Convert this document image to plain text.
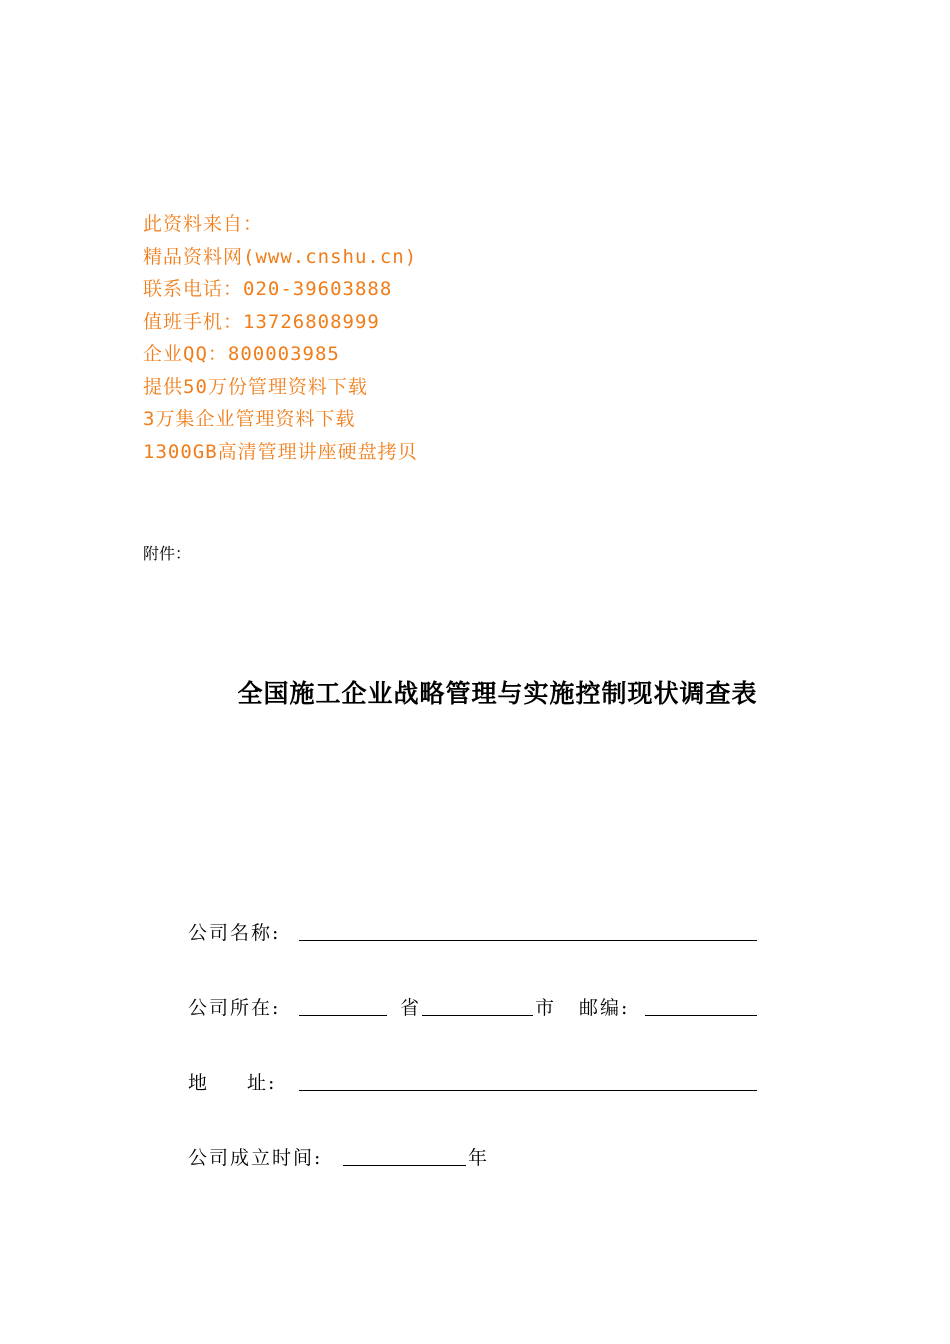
此资料来自：
精品资料网(www.cnshu.cn)
联系电话：020-39603888
值班手机：13726808999
企业QQ：800003985
提供50万份管理资料下载
3万集企业管理资料下载
1300GB高清管理讲座硬盘拷贝
附件：
全国施工企业战略管理与实施控制现状调查表
公司名称:
公司所在:	省	市 邮编:
地 址:
公司成立时间:	年
